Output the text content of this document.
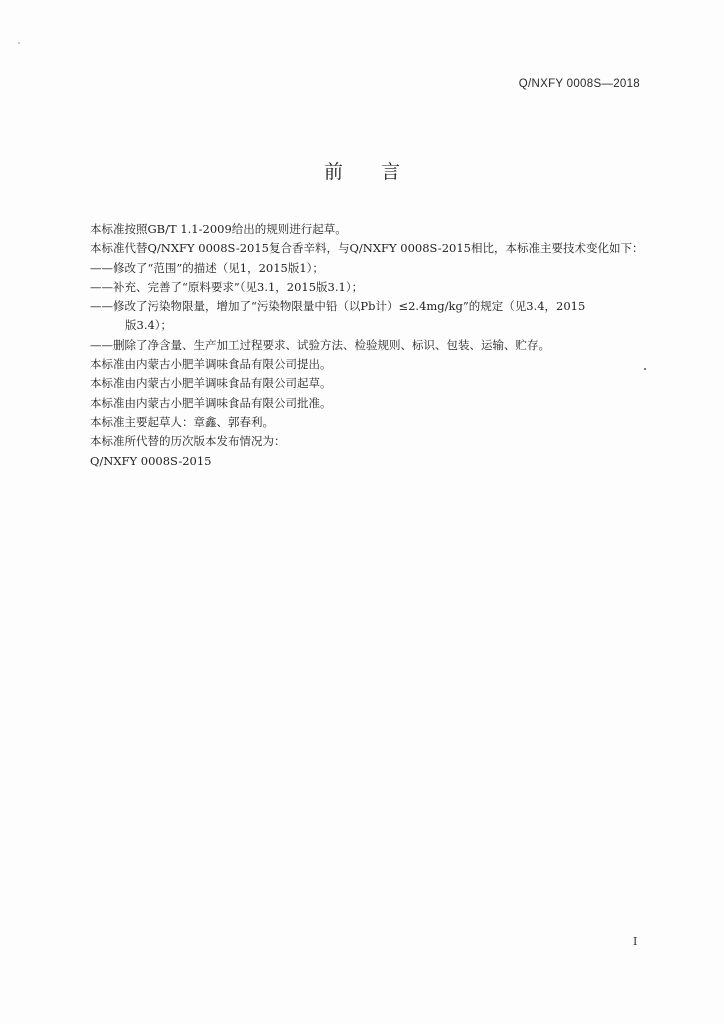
Q/NXFY 0008S—2018
前言
本标准按照GB/T 1.1-2009给出的规则进行起草。
本标准代替Q/NXFY 0008S-2015复合香辛料，与Q/NXFY 0008S-2015相比，本标准主要技术变化如下：
——修改了“范围”的描述（见1，2015版1）；
——补充、完善了“原料要求”（见3.1，2015版3.1）；
——修改了污染物限量，增加了“污染物限量中铅（以Pb计）≤2.4mg/kg”的规定（见3.4，2015
版3.4）；
——删除了净含量、生产加工过程要求、试验方法、检验规则、标识、包装、运输、贮存。
本标准由内蒙古小肥羊调味食品有限公司提出。
本标准由内蒙古小肥羊调味食品有限公司起草。
本标准由内蒙古小肥羊调味食品有限公司批准。
本标准主要起草人：章鑫、郭春利。
本标准所代替的历次版本发布情况为：
Q/NXFY 0008S-2015
I
